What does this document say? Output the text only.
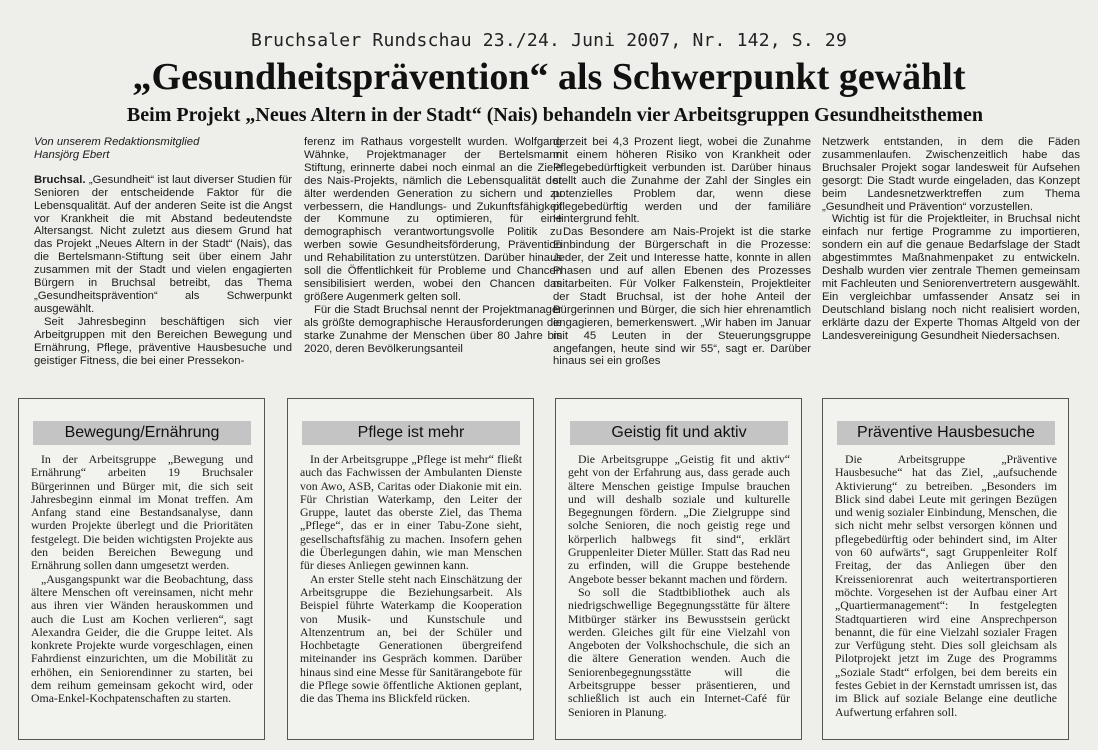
Bruchsaler Rundschau 23./24. Juni 2007, Nr. 142, S. 29
„Gesundheitsprävention“ als Schwerpunkt gewählt
Beim Projekt „Neues Altern in der Stadt“ (Nais) behandeln vier Arbeitsgruppen Gesundheitsthemen

Von unserem Redaktionsmitglied

Hansjörg Ebert

Bruchsal. „Gesundheit“ ist laut diverser Studien für Senioren der entscheidende Faktor für die Lebensqualität. Auf der anderen Seite ist die Angst vor Krankheit die mit Abstand bedeutendste Altersangst. Nicht zuletzt aus diesem Grund hat das Projekt „Neues Altern in der Stadt“ (Nais), das die Bertelsmann-Stiftung seit über einem Jahr zusammen mit der Stadt und vielen engagierten Bürgern in Bruchsal betreibt, das Thema „Gesundheitsprävention“ als Schwerpunkt ausgewählt.

Seit Jahresbeginn beschäftigen sich vier Arbeitgruppen mit den Bereichen Bewegung und Ernährung, Pflege, präventive Hausbesuche und geistiger Fitness, die bei einer Pressekon-

ferenz im Rathaus vorgestellt wurden. Wolfgang Wähnke, Projektmanager der Bertelsmann Stiftung, erinnerte dabei noch einmal an die Ziele des Nais-Projekts, nämlich die Lebensqualität der älter werdenden Generation zu sichern und zu verbessern, die Handlungs- und Zukunftsfähigkeit der Kommune zu optimieren, für eine demographisch verantwortungsvolle Politik zu werben sowie Gesundheitsförderung, Prävention und Rehabilitation zu unterstützen. Darüber hinaus soll die Öffentlichkeit für Probleme und Chancen sensibilisiert werden, wobei den Chancen das größere Augenmerk gelten soll.

Für die Stadt Bruchsal nennt der Projektmanager als größte demographische Herausforderungen die starke Zunahme der Menschen über 80 Jahre bis 2020, deren Bevölkerungsanteil

derzeit bei 4,3 Prozent liegt, wobei die Zunahme mit einem höheren Risiko von Krankheit oder Pflegebedürftigkeit verbunden ist. Darüber hinaus stellt auch die Zunahme der Zahl der Singles ein potenzielles Problem dar, wenn diese pflegebedürftig werden und der familiäre Hintergrund fehlt.

Das Besondere am Nais-Projekt ist die starke Einbindung der Bürgerschaft in die Prozesse: Jeder, der Zeit und Interesse hatte, konnte in allen Phasen und auf allen Ebenen des Prozesses mitarbeiten. Für Volker Falkenstein, Projektleiter der Stadt Bruchsal, ist der hohe Anteil der Bürgerinnen und Bürger, die sich hier ehrenamtlich engagieren, bemerkenswert. „Wir haben im Januar mit 45 Leuten in der Steuerungsgruppe angefangen, heute sind wir 55“, sagt er. Darüber hinaus sei ein großes

Netzwerk entstanden, in dem die Fäden zusammenlaufen. Zwischenzeitlich habe das Bruchsaler Projekt sogar landesweit für Aufsehen gesorgt: Die Stadt wurde eingeladen, das Konzept beim Landesnetzwerktreffen zum Thema „Gesundheit und Prävention“ vorzustellen.

Wichtig ist für die Projektleiter, in Bruchsal nicht einfach nur fertige Programme zu importieren, sondern ein auf die genaue Bedarfslage der Stadt abgestimmtes Maßnahmenpaket zu entwickeln. Deshalb wurden vier zentrale Themen gemeinsam mit Fachleuten und Seniorenvertretern ausgewählt. Ein vergleichbar umfassender Ansatz sei in Deutschland bislang noch nicht realisiert worden, erklärte dazu der Experte Thomas Altgeld von der Landesvereinigung Gesundheit Niedersachsen.

Bewegung/Ernährung

In der Arbeitsgruppe „Bewegung und Ernährung“ arbeiten 19 Bruchsaler Bürgerinnen und Bürger mit, die sich seit Jahresbeginn einmal im Monat treffen. Am Anfang stand eine Bestandsanalyse, dann wurden Projekte überlegt und die Prioritäten festgelegt. Die beiden wichtigsten Projekte aus den beiden Bereichen Bewegung und Ernährung sollen dann umgesetzt werden.

„Ausgangspunkt war die Beobachtung, dass ältere Menschen oft vereinsamen, nicht mehr aus ihren vier Wänden herauskommen und auch die Lust am Kochen verlieren“, sagt Alexandra Geider, die die Gruppe leitet. Als konkrete Projekte wurde vorgeschlagen, einen Fahrdienst einzurichten, um die Mobilität zu erhöhen, ein Seniorendinner zu starten, bei dem reihum gemeinsam gekocht wird, oder Oma-Enkel-Kochpatenschaften zu starten.

Pflege ist mehr

In der Arbeitsgruppe „Pflege ist mehr“ fließt auch das Fachwissen der Ambulanten Dienste von Awo, ASB, Caritas oder Diakonie mit ein. Für Christian Waterkamp, den Leiter der Gruppe, lautet das oberste Ziel, das Thema „Pflege“, das er in einer Tabu-Zone sieht, gesellschaftsfähig zu machen. Insofern gehen die Überlegungen dahin, wie man Menschen für dieses Anliegen gewinnen kann.

An erster Stelle steht nach Einschätzung der Arbeitsgruppe die Beziehungsarbeit. Als Beispiel führte Waterkamp die Kooperation von Musik- und Kunstschule und Altenzentrum an, bei der Schüler und Hochbetagte Generationen übergreifend miteinander ins Gespräch kommen. Darüber hinaus sind eine Messe für Sanitärangebote für die Pflege sowie öffentliche Aktionen geplant, die das Thema ins Blickfeld rücken.

Geistig fit und aktiv

Die Arbeitsgruppe „Geistig fit und aktiv“ geht von der Erfahrung aus, dass gerade auch ältere Menschen geistige Impulse brauchen und will deshalb soziale und kulturelle Begegnungen fördern. „Die Zielgruppe sind solche Senioren, die noch geistig rege und körperlich halbwegs fit sind“, erklärt Gruppenleiter Dieter Müller. Statt das Rad neu zu erfinden, will die Gruppe bestehende Angebote besser bekannt machen und fördern.

So soll die Stadtbibliothek auch als niedrigschwellige Begegnungsstätte für ältere Mitbürger stärker ins Bewusstsein gerückt werden. Gleiches gilt für eine Vielzahl von Angeboten der Volkshochschule, die sich an die ältere Generation wenden. Auch die Seniorenbegegnungsstätte will die Arbeitsgruppe besser präsentieren, und schließlich ist auch ein Internet-Café für Senioren in Planung.

Präventive Hausbesuche

Die Arbeitsgruppe „Präventive Hausbesuche“ hat das Ziel, „aufsuchende Aktivierung“ zu betreiben. „Besonders im Blick sind dabei Leute mit geringen Bezügen und wenig sozialer Einbindung, Menschen, die sich nicht mehr selbst versorgen können und pflegebedürftig oder behindert sind, im Alter von 60 aufwärts“, sagt Gruppenleiter Rolf Freitag, der das Anliegen über den Kreisseniorenrat auch weitertransportieren möchte. Vorgesehen ist der Aufbau einer Art „Quartiermanagement“: In festgelegten Stadtquartieren wird eine Ansprechperson benannt, die für eine Vielzahl sozialer Fragen zur Verfügung steht. Dies soll gleichsam als Pilotprojekt jetzt im Zuge des Programms „Soziale Stadt“ erfolgen, bei dem bereits ein festes Gebiet in der Kernstadt umrissen ist, das im Blick auf soziale Belange eine deutliche Aufwertung erfahren soll.
